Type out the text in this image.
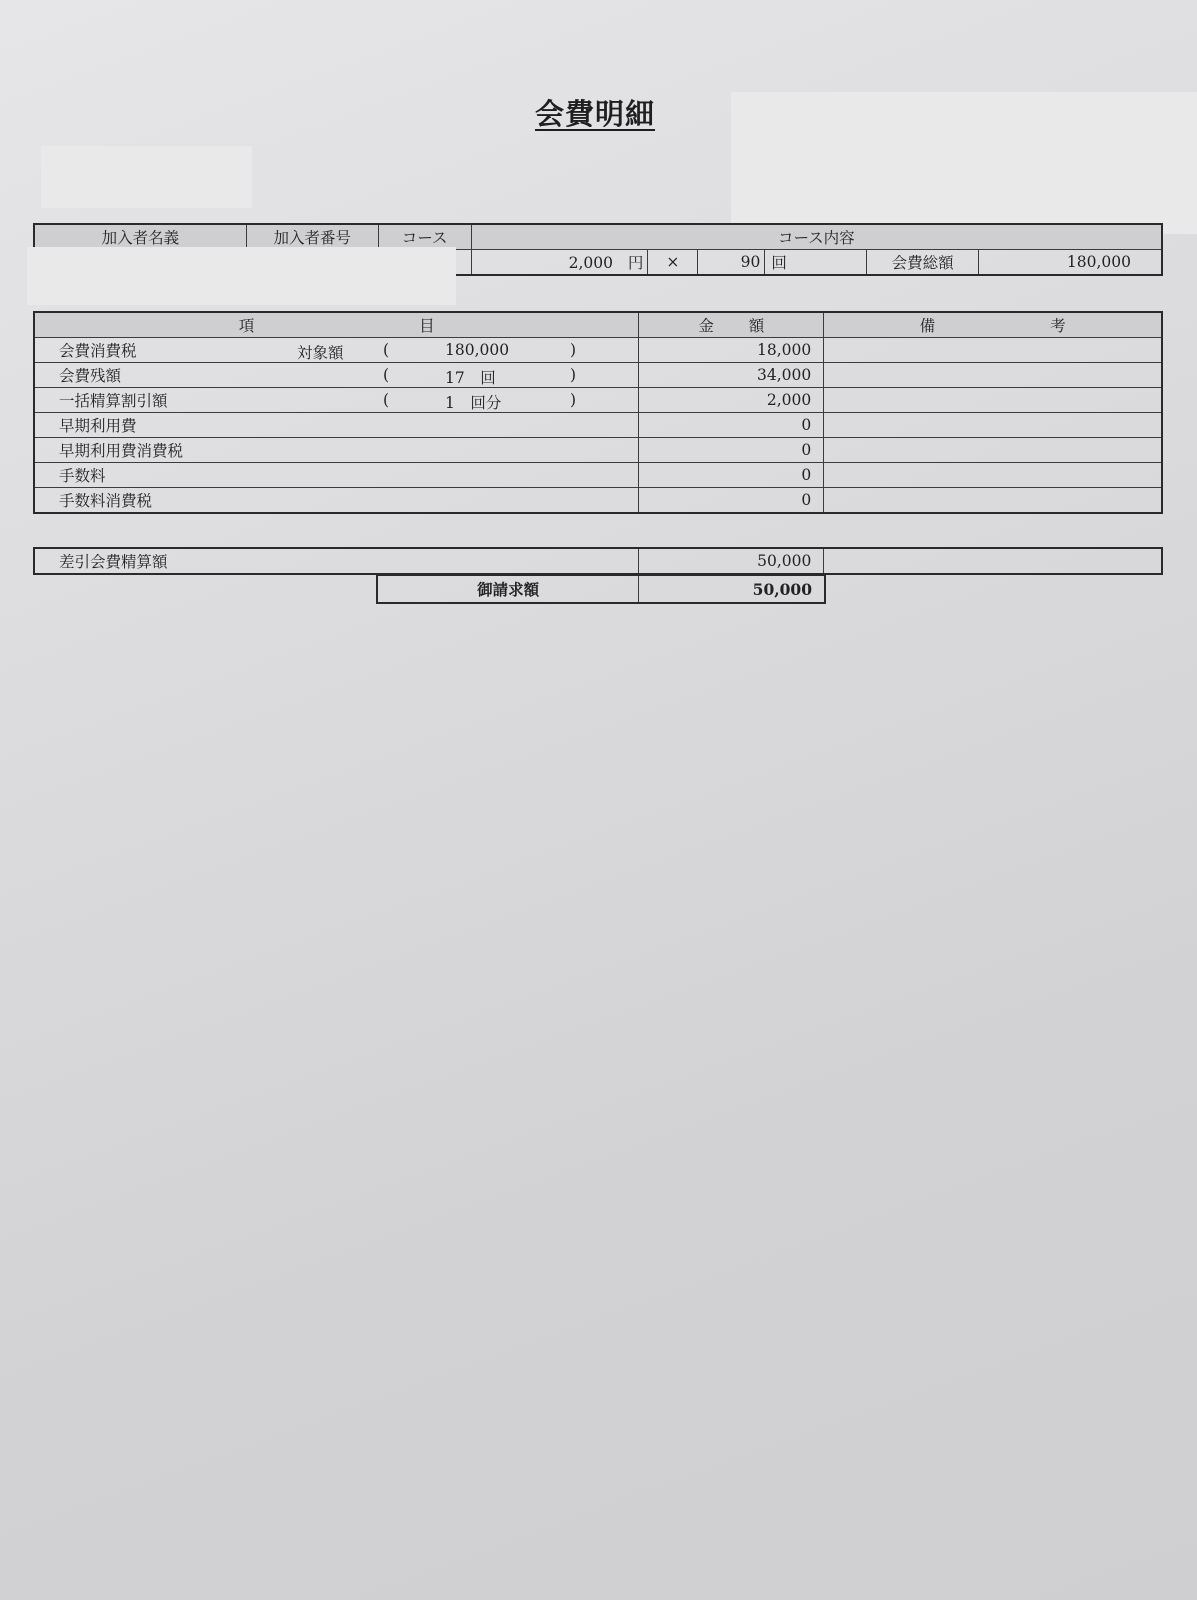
会費明細
加入者名義	加入者番号	コース	コース内容					
			2,000 円	×	90	回	会費総額	180,000
項 目	金 額	備 考
会費消費税 対象額 ( 180,000 )	18,000	
会費残額 ( 17　回 )	34,000	
一括精算割引額 ( 1　回分 )	2,000	
早期利用費	0	
早期利用費消費税	0	
手数料	0	
手数料消費税	0	
差引会費精算額	50,000	
御請求額	50,000
